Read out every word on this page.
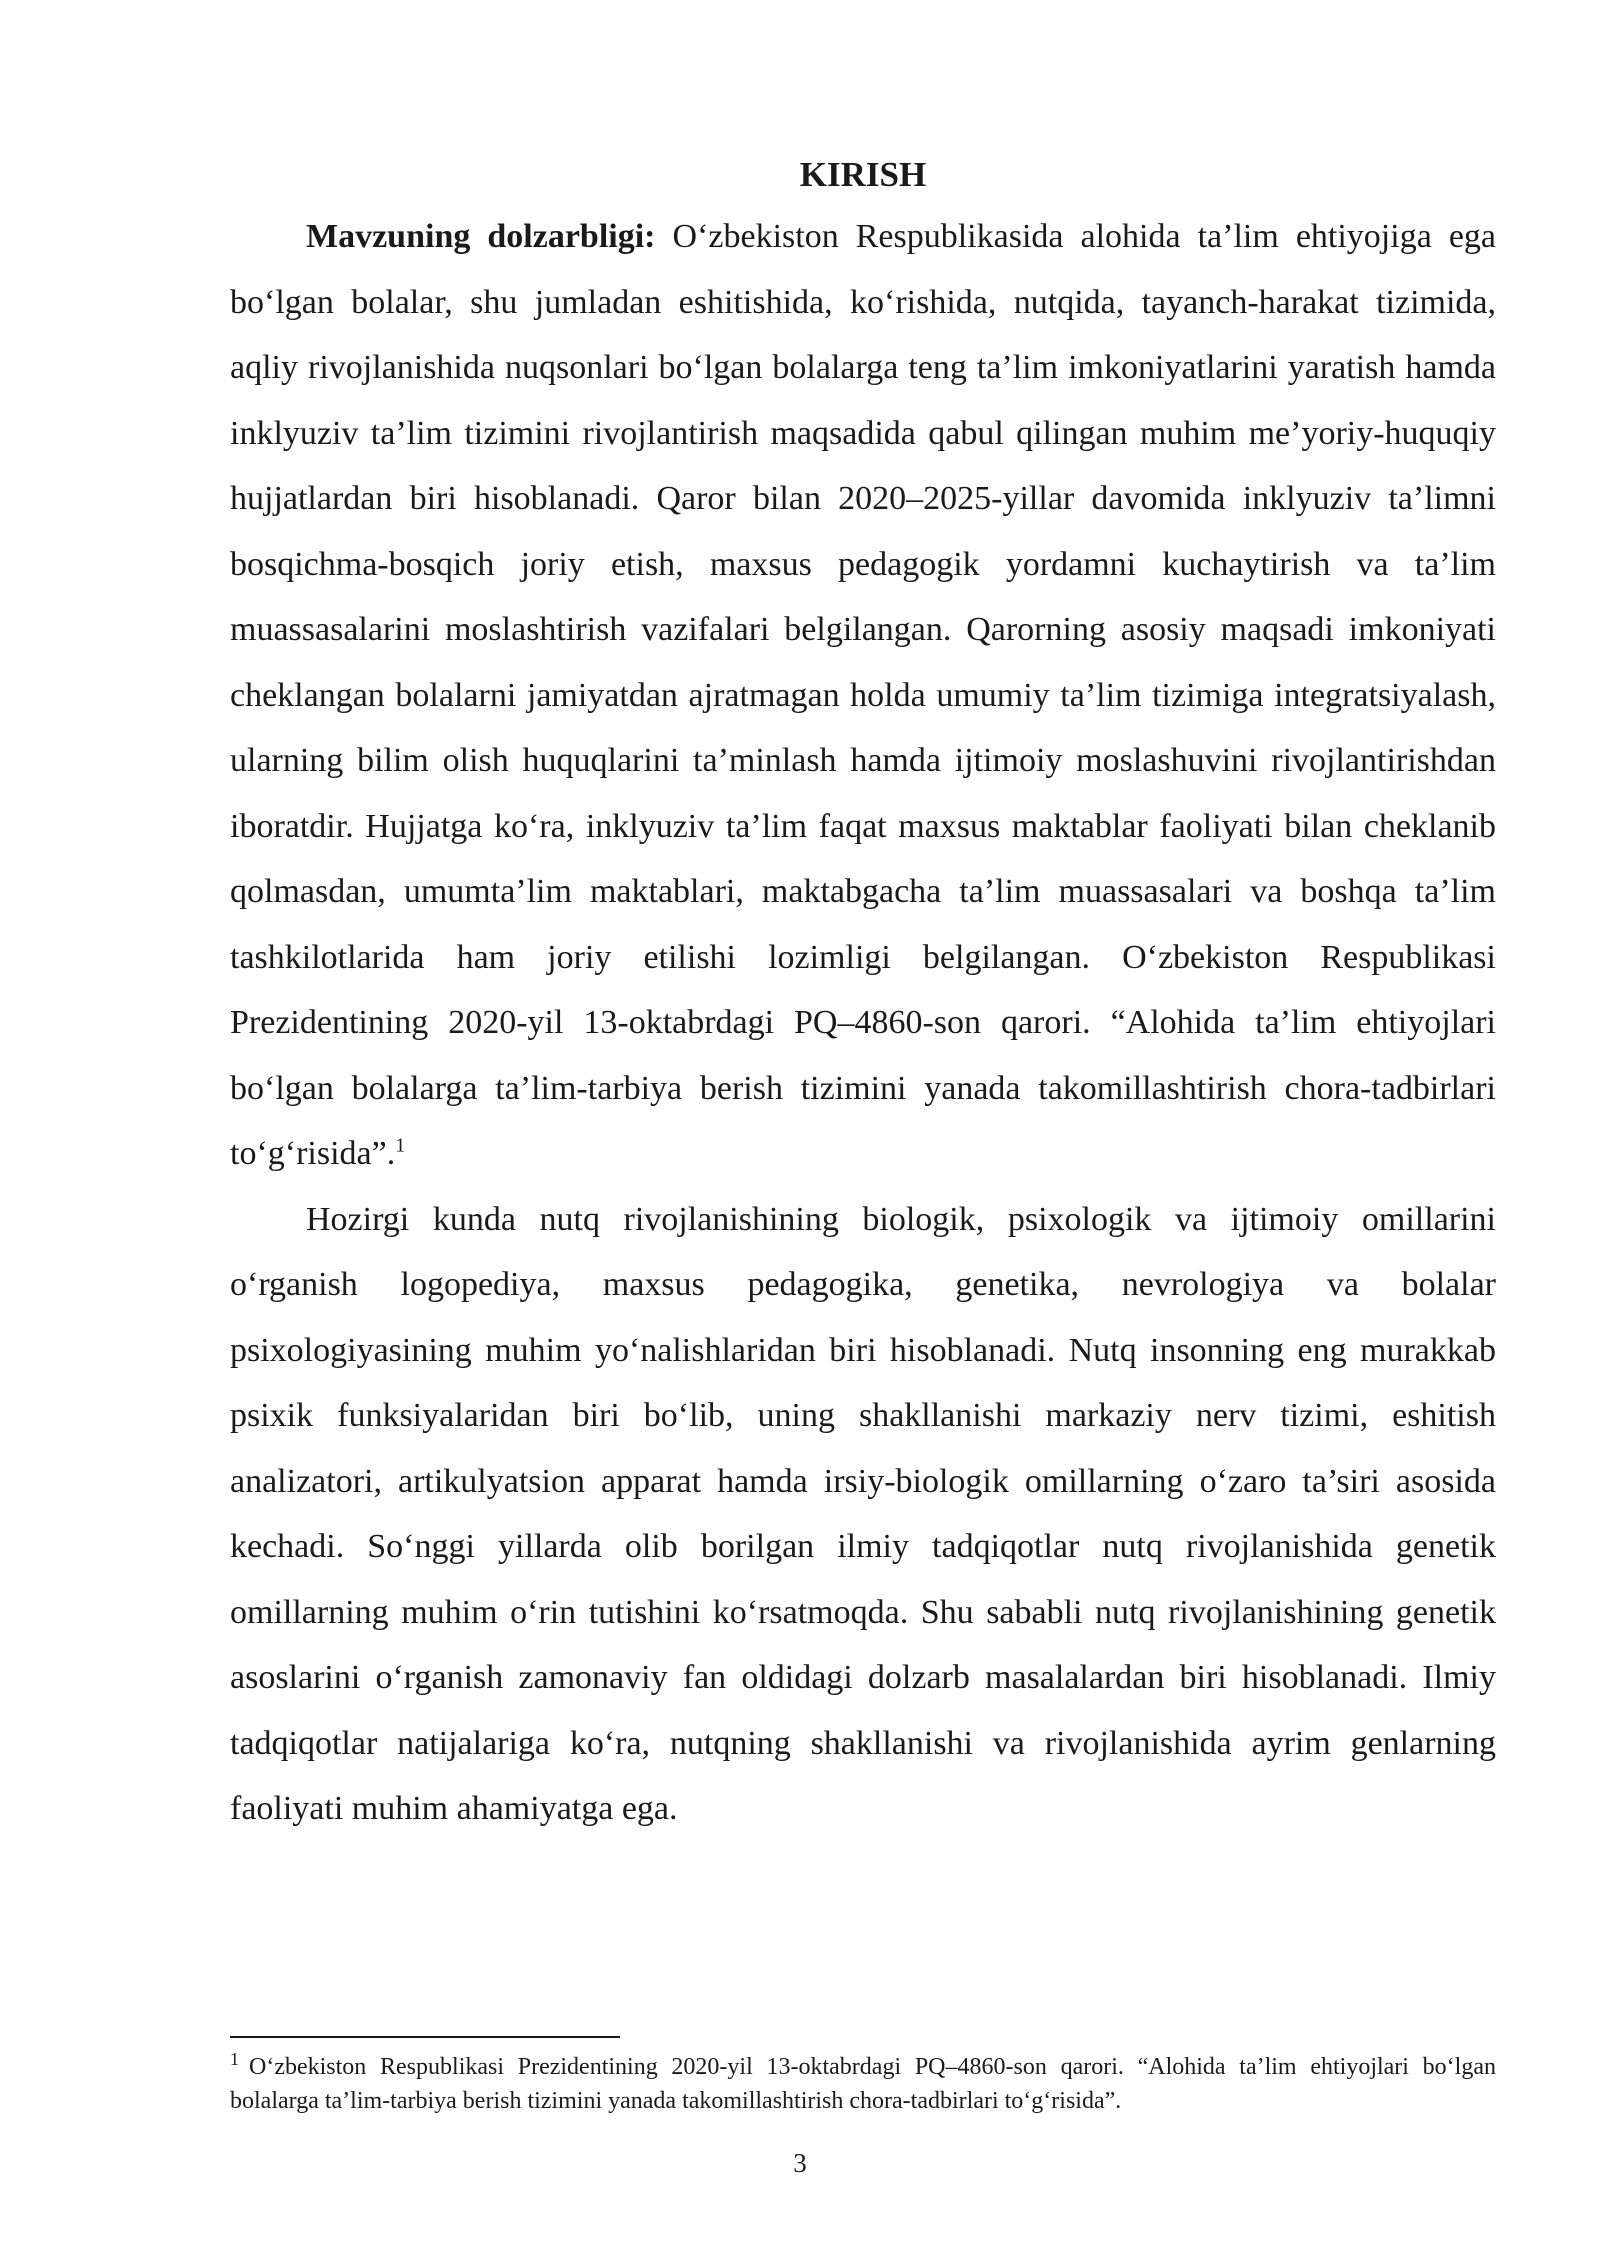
KIRISH

Mavzuning dolzarbligi: O‘zbekiston Respublikasida alohida ta’lim ehtiyojiga ega bo‘lgan bolalar, shu jumladan eshitishida, ko‘rishida, nutqida, tayanch-harakat tizimida, aqliy rivojlanishida nuqsonlari bo‘lgan bolalarga teng ta’lim imkoniyatlarini yaratish hamda inklyuziv ta’lim tizimini rivojlantirish maqsadida qabul qilingan muhim me’yoriy-huquqiy hujjatlardan biri hisoblanadi. Qaror bilan 2020–2025-yillar davomida inklyuziv ta’limni bosqichma-bosqich joriy etish, maxsus pedagogik yordamni kuchaytirish va ta’lim muassasalarini moslashtirish vazifalari belgilangan. Qarorning asosiy maqsadi imkoniyati cheklangan bolalarni jamiyatdan ajratmagan holda umumiy ta’lim tizimiga integratsiyalash, ularning bilim olish huquqlarini ta’minlash hamda ijtimoiy moslashuvini rivojlantirishdan iboratdir. Hujjatga ko‘ra, inklyuziv ta’lim faqat maxsus maktablar faoliyati bilan cheklanib qolmasdan, umumta’lim maktablari, maktabgacha ta’lim muassasalari va boshqa ta’lim tashkilotlarida ham joriy etilishi lozimligi belgilangan. O‘zbekiston Respublikasi Prezidentining 2020-yil 13-oktabrdagi PQ–4860-son qarori. “Alohida ta’lim ehtiyojlari bo‘lgan bolalarga ta’lim-tarbiya berish tizimini yanada takomillashtirish chora-tadbirlari to‘g‘risida”.$^1$

Hozirgi kunda nutq rivojlanishining biologik, psixologik va ijtimoiy omillarini o‘rganish logopediya, maxsus pedagogika, genetika, nevrologiya va bolalar psixologiyasining muhim yo‘nalishlaridan biri hisoblanadi. Nutq insonning eng murakkab psixik funksiyalaridan biri bo‘lib, uning shakllanishi markaziy nerv tizimi, eshitish analizatori, artikulyatsion apparat hamda irsiy-biologik omillarning o‘zaro ta’siri asosida kechadi. So‘nggi yillarda olib borilgan ilmiy tadqiqotlar nutq rivojlanishida genetik omillarning muhim o‘rin tutishini ko‘rsatmoqda. Shu sababli nutq rivojlanishining genetik asoslarini o‘rganish zamonaviy fan oldidagi dolzarb masalalardan biri hisoblanadi. Ilmiy tadqiqotlar natijalariga ko‘ra, nutqning shakllanishi va rivojlanishida ayrim genlarning faoliyati muhim ahamiyatga ega.

$^1$ O‘zbekiston Respublikasi Prezidentining 2020-yil 13-oktabrdagi PQ–4860-son qarori. “Alohida ta’lim ehtiyojlari bo‘lgan bolalarga ta’lim-tarbiya berish tizimini yanada takomillashtirish chora-tadbirlari to‘g‘risida”.

3
